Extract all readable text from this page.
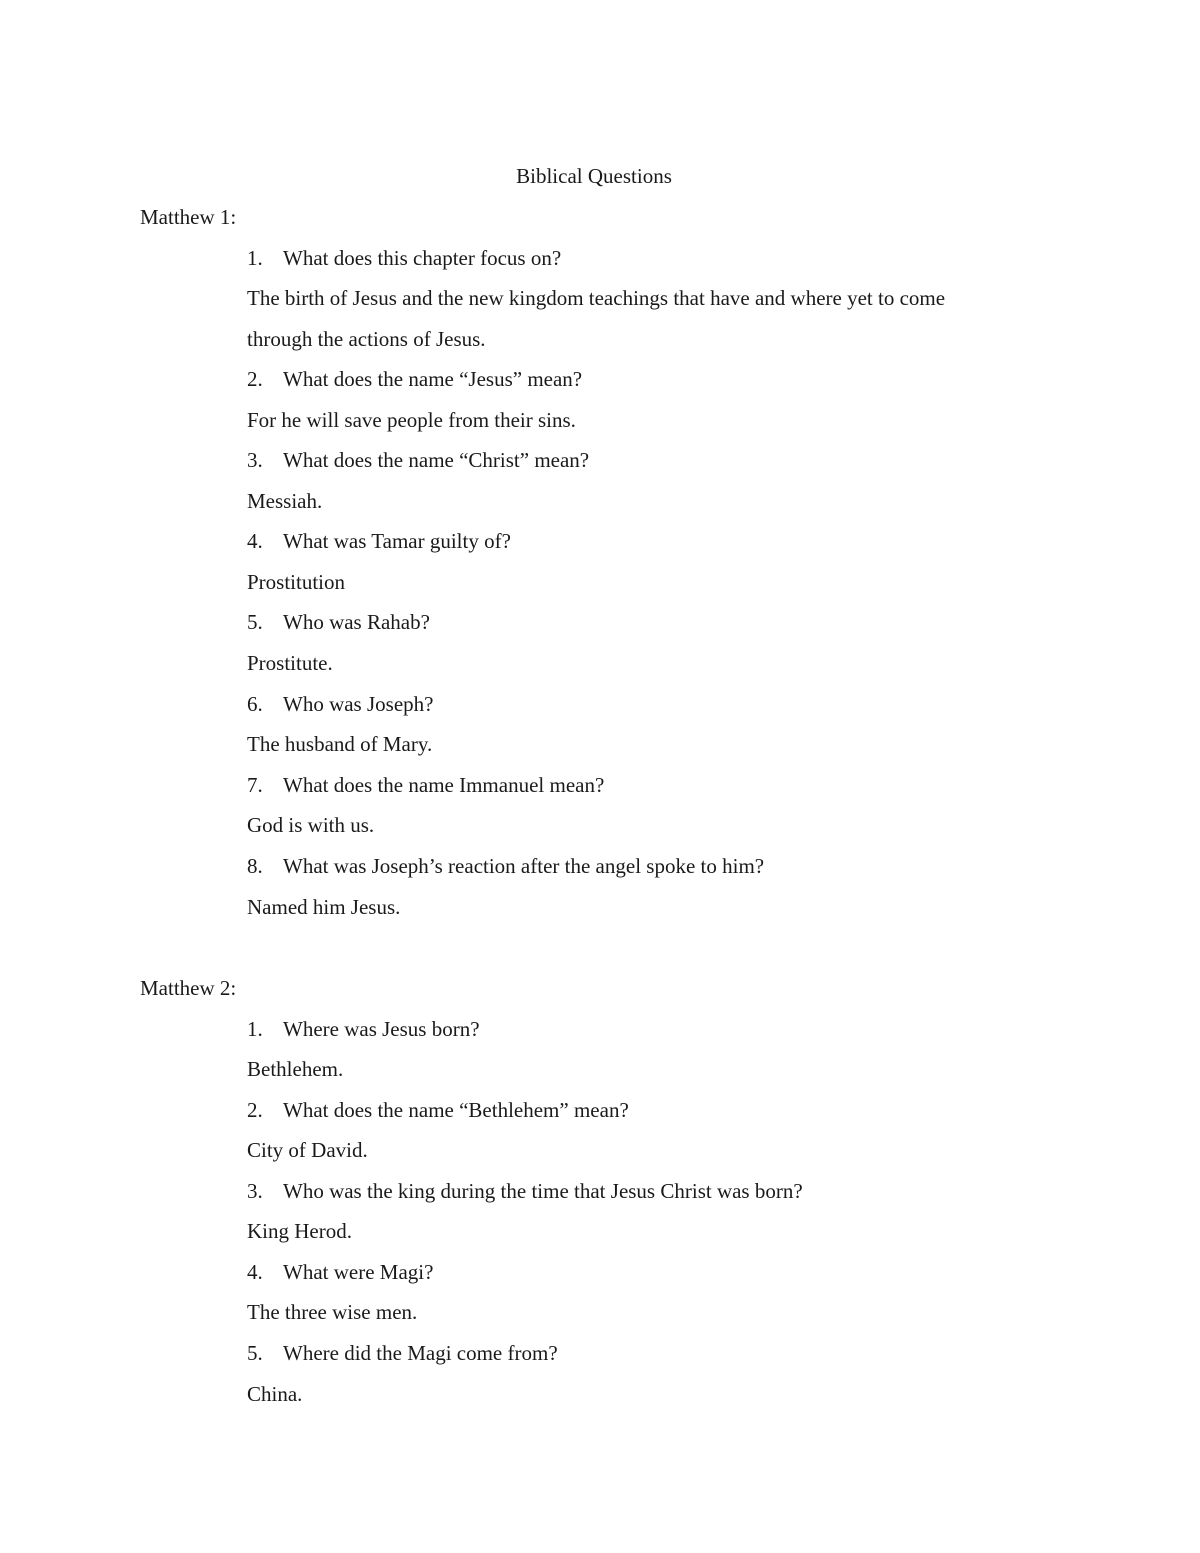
Biblical Questions
Matthew 1:
1. What does this chapter focus on?
The birth of Jesus and the new kingdom teachings that have and where yet to come
through the actions of Jesus.
2. What does the name “Jesus” mean?
For he will save people from their sins.
3. What does the name “Christ” mean?
Messiah.
4. What was Tamar guilty of?
Prostitution
5. Who was Rahab?
Prostitute.
6. Who was Joseph?
The husband of Mary.
7. What does the name Immanuel mean?
God is with us.
8. What was Joseph’s reaction after the angel spoke to him?
Named him Jesus.
Matthew 2:
1. Where was Jesus born?
Bethlehem.
2. What does the name “Bethlehem” mean?
City of David.
3. Who was the king during the time that Jesus Christ was born?
King Herod.
4. What were Magi?
The three wise men.
5. Where did the Magi come from?
China.
